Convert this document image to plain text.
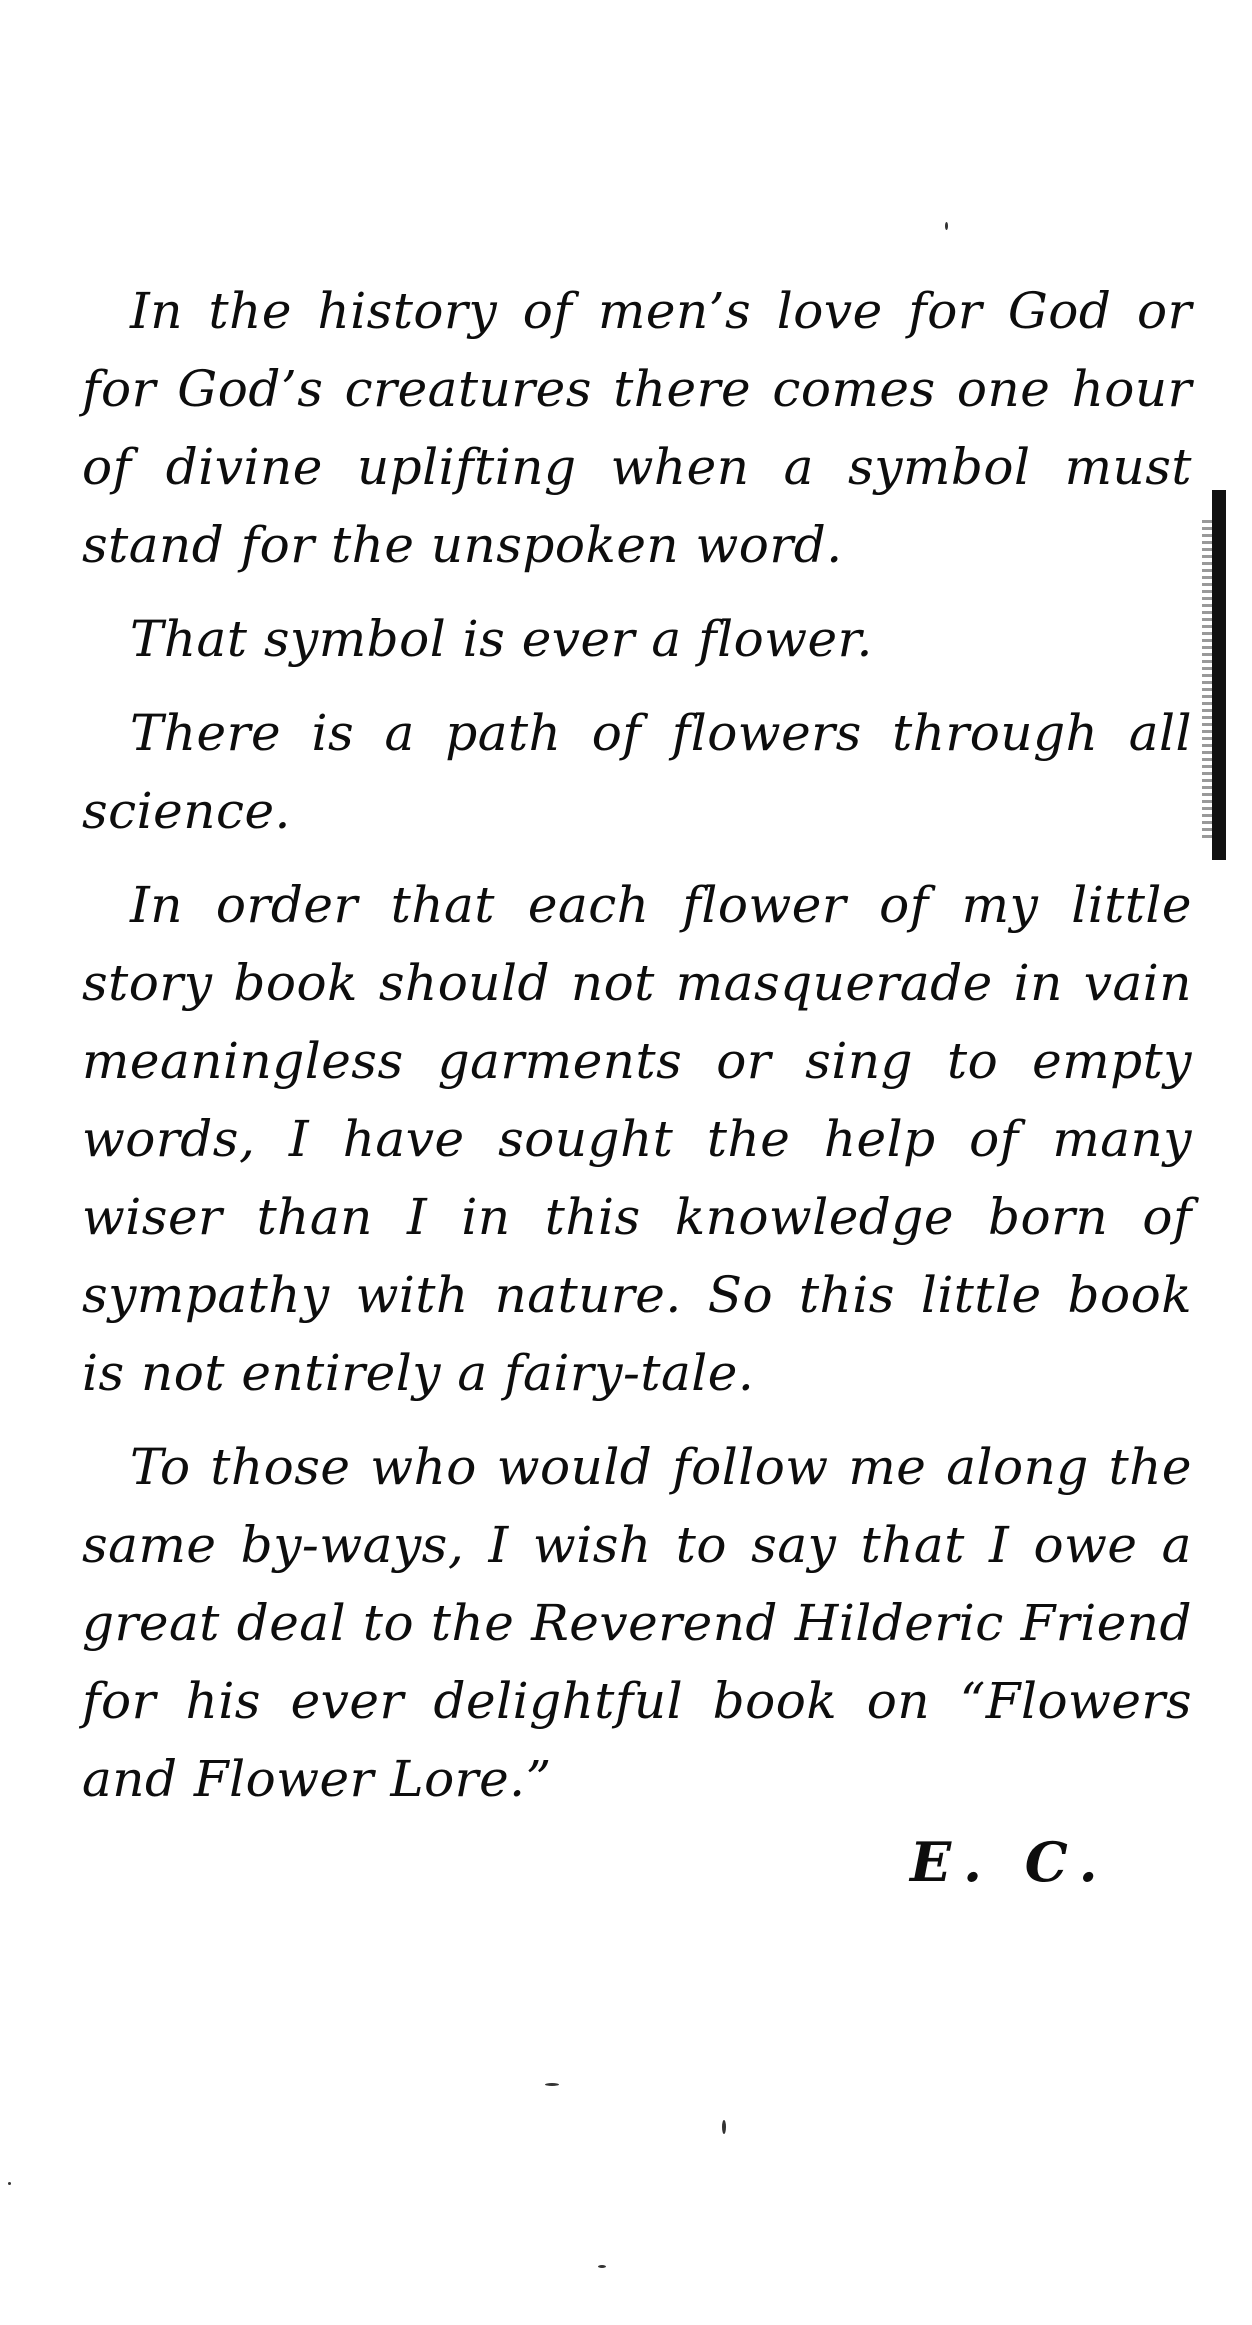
In the history of men’s love for God or for God’s creatures there comes one hour of divine uplifting when a symbol must stand for the unspoken word.

That symbol is ever a flower.

There is a path of flowers through all science.

In order that each flower of my little story book should not masquerade in vain meaningless garments or sing to empty words, I have sought the help of many wiser than I in this knowledge born of sympathy with nature. So this little book is not entirely a fairy-tale.

To those who would follow me along the same by-ways, I wish to say that I owe a great deal to the Reverend Hilderic Friend for his ever delightful book on “Flowers and Flower Lore.”

E. C.
